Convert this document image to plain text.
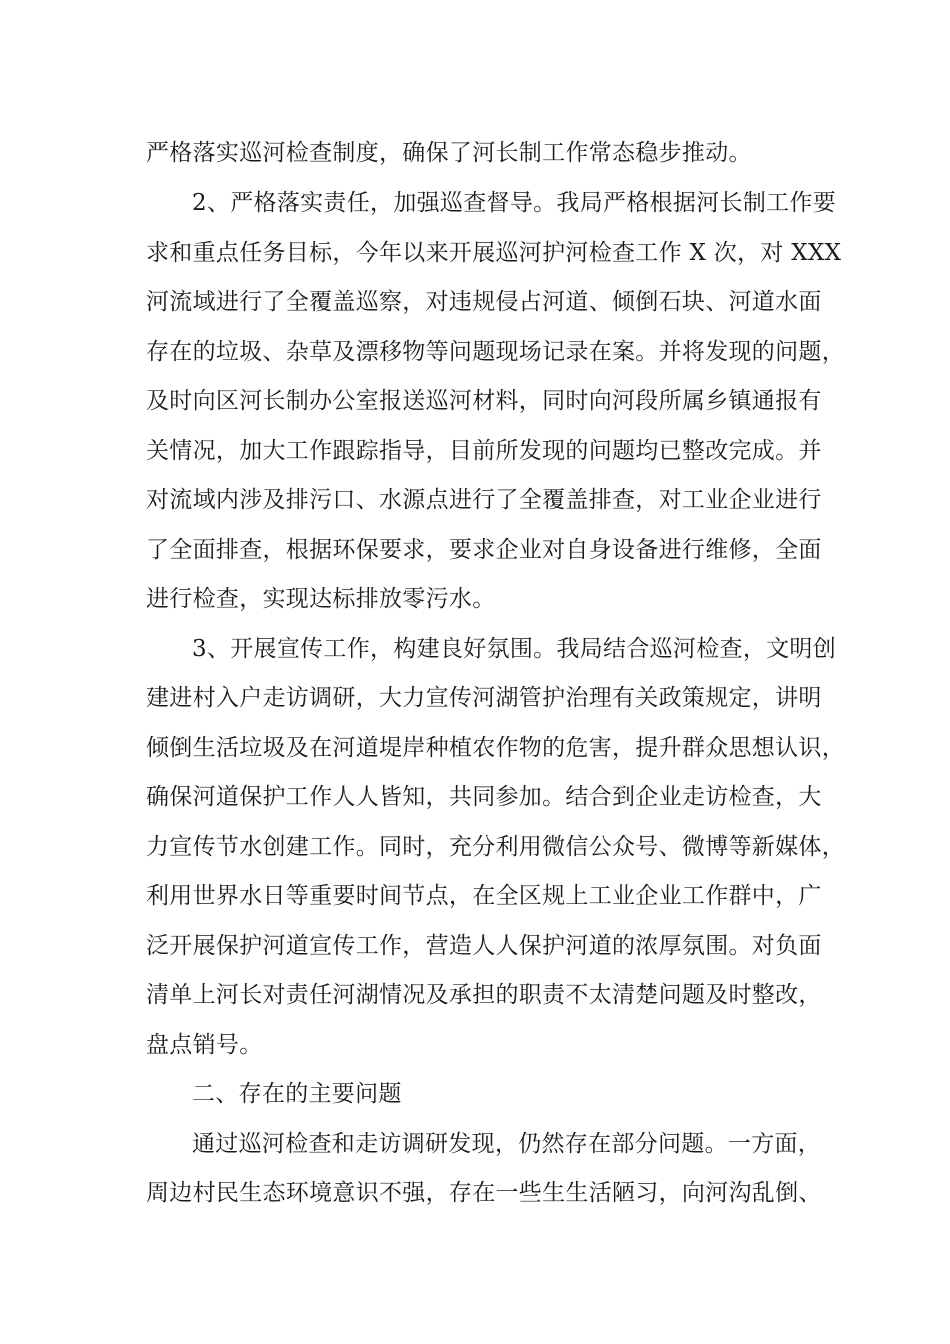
严格落实巡河检查制度，确保了河长制工作常态稳步推动。
2、严格落实责任，加强巡查督导。我局严格根据河长制工作要
求和重点任务目标，今年以来开展巡河护河检查工作 X 次，对 XXX
河流域进行了全覆盖巡察，对违规侵占河道、倾倒石块、河道水面
存在的垃圾、杂草及漂移物等问题现场记录在案。并将发现的问题，
及时向区河长制办公室报送巡河材料，同时向河段所属乡镇通报有
关情况，加大工作跟踪指导，目前所发现的问题均已整改完成。并
对流域内涉及排污口、水源点进行了全覆盖排查，对工业企业进行
了全面排查，根据环保要求，要求企业对自身设备进行维修，全面
进行检查，实现达标排放零污水。
3、开展宣传工作，构建良好氛围。我局结合巡河检查，文明创
建进村入户走访调研，大力宣传河湖管护治理有关政策规定，讲明
倾倒生活垃圾及在河道堤岸种植农作物的危害，提升群众思想认识，
确保河道保护工作人人皆知，共同参加。结合到企业走访检查，大
力宣传节水创建工作。同时，充分利用微信公众号、微博等新媒体，
利用世界水日等重要时间节点，在全区规上工业企业工作群中，广
泛开展保护河道宣传工作，营造人人保护河道的浓厚氛围。对负面
清单上河长对责任河湖情况及承担的职责不太清楚问题及时整改，
盘点销号。
二、存在的主要问题
通过巡河检查和走访调研发现，仍然存在部分问题。一方面，
周边村民生态环境意识不强，存在一些生生活陋习，向河沟乱倒、
